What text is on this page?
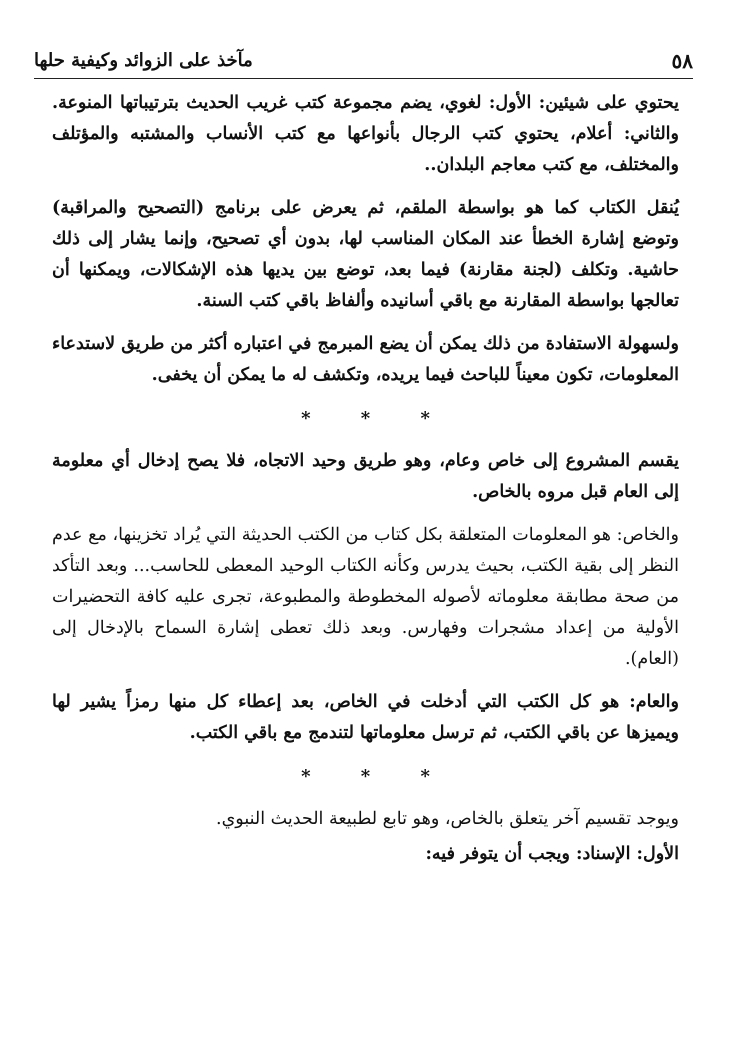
٥٨
مآخذ على الزوائد وكيفية حلها

يحتوي على شيئين: الأول: لغوي، يضم مجموعة كتب غريب الحديث بترتيباتها المنوعة. والثاني: أعلام، يحتوي كتب الرجال بأنواعها مع كتب الأنساب والمشتبه والمؤتلف والمختلف، مع كتب معاجم البلدان..

يُنقل الكتاب كما هو بواسطة الملقم، ثم يعرض على برنامج (التصحيح والمراقبة) وتوضع إشارة الخطأ عند المكان المناسب لها، بدون أي تصحيح، وإنما يشار إلى ذلك حاشية. وتكلف (لجنة مقارنة) فيما بعد، توضع بين يديها هذه الإشكالات، ويمكنها أن تعالجها بواسطة المقارنة مع باقي أسانيده وألفاظ باقي كتب السنة.

ولسهولة الاستفادة من ذلك يمكن أن يضع المبرمج في اعتباره أكثر من طريق لاستدعاء المعلومات، تكون معيناً للباحث فيما يريده، وتكشف له ما يمكن أن يخفى.

* * *

يقسم المشروع إلى خاص وعام، وهو طريق وحيد الاتجاه، فلا يصح إدخال أي معلومة إلى العام قبل مروه بالخاص.

والخاص: هو المعلومات المتعلقة بكل كتاب من الكتب الحديثة التي يُراد تخزينها، مع عدم النظر إلى بقية الكتب، بحيث يدرس وكأنه الكتاب الوحيد المعطى للحاسب... وبعد التأكد من صحة مطابقة معلوماته لأصوله المخطوطة والمطبوعة، تجرى عليه كافة التحضيرات الأولية من إعداد مشجرات وفهارس. وبعد ذلك تعطى إشارة السماح بالإدخال إلى (العام).

والعام: هو كل الكتب التي أدخلت في الخاص، بعد إعطاء كل منها رمزاً يشير لها ويميزها عن باقي الكتب، ثم ترسل معلوماتها لتندمج مع باقي الكتب.

* * *

ويوجد تقسيم آخر يتعلق بالخاص، وهو تابع لطبيعة الحديث النبوي.

الأول: الإسناد: ويجب أن يتوفر فيه:
